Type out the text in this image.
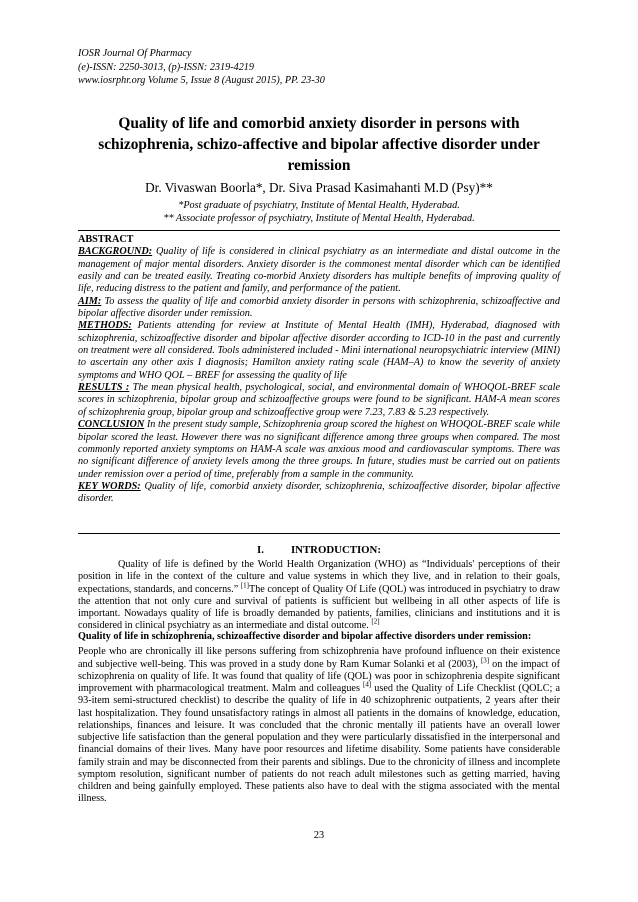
IOSR Journal Of Pharmacy
(e)-ISSN: 2250-3013, (p)-ISSN: 2319-4219
www.iosrphr.org Volume 5, Issue 8 (August 2015), PP. 23-30
Quality of life and comorbid anxiety disorder in persons with schizophrenia, schizo-affective and bipolar affective disorder under remission
Dr. Vivaswan Boorla*, Dr. Siva Prasad Kasimahanti M.D (Psy)**
*Post graduate of psychiatry, Institute of Mental Health, Hyderabad.
** Associate professor of psychiatry, Institute of Mental Health, Hyderabad.
ABSTRACT

BACKGROUND: Quality of life is considered in clinical psychiatry as an intermediate and distal outcome in the management of major mental disorders. Anxiety disorder is the commonest mental disorder which can be identified easily and can be treated easily. Treating co-morbid Anxiety disorders has multiple benefits of improving quality of life, reducing distress to the patient and family, and performance of the patient.

AIM: To assess the quality of life and comorbid anxiety disorder in persons with schizophrenia, schizoaffective and bipolar affective disorder under remission.

METHODS: Patients attending for review at Institute of Mental Health (IMH), Hyderabad, diagnosed with schizophrenia, schizoaffective disorder and bipolar affective disorder according to ICD-10 in the past and currently on treatment were all considered. Tools administered included - Mini international neuropsychiatric interview (MINI) to ascertain any other axis I diagnosis; Hamilton anxiety rating scale (HAM–A) to know the severity of anxiety symptoms and WHO QOL – BREF for assessing the quality of life

RESULTS : The mean physical health, psychological, social, and environmental domain of WHOQOL-BREF scale scores in schizophrenia, bipolar group and schizoaffective groups were found to be significant. HAM-A mean scores of schizophrenia group, bipolar group and schizoaffective group were 7.23, 7.83 & 5.23 respectively.

CONCLUSION In the present study sample, Schizophrenia group scored the highest on WHOQOL-BREF scale while bipolar scored the least. However there was no significant difference among three groups when compared. The most commonly reported anxiety symptoms on HAM-A scale was anxious mood and cardiovascular symptoms. There was no significant difference of anxiety levels among the three groups. In future, studies must be carried out on patients under remission over a period of time, preferably from a sample in the community.

KEY WORDS: Quality of life, comorbid anxiety disorder, schizophrenia, schizoaffective disorder, bipolar affective disorder.

I.	INTRODUCTION:

Quality of life is defined by the World Health Organization (WHO) as “Individuals' perceptions of their position in life in the context of the culture and value systems in which they live, and in relation to their goals, expectations, standards, and concerns.” [1]The concept of Quality Of Life (QOL) was introduced in psychiatry to draw the attention that not only cure and survival of patients is sufficient but wellbeing in all other aspects of life is important. Nowadays quality of life is broadly demanded by patients, families, clinicians and institutions and it is considered in clinical psychiatry as an intermediate and distal outcome. [2]

Quality of life in schizophrenia, schizoaffective disorder and bipolar affective disorders under remission:
People who are chronically ill like persons suffering from schizophrenia have profound influence on their existence and subjective well-being. This was proved in a study done by Ram Kumar Solanki et al (2003), [3] on the impact of schizophrenia on quality of life. It was found that quality of life (QOL) was poor in schizophrenia despite significant improvement with pharmacological treatment. Malm and colleagues [4] used the Quality of Life Checklist (QOLC; a 93-item semi-structured checklist) to describe the quality of life in 40 schizophrenic outpatients, 2 years after their last hospitalization. They found unsatisfactory ratings in almost all patients in the domains of knowledge, education, relationships, finances and leisure. It was concluded that the chronic mentally ill patients have an overall lower subjective life satisfaction than the general population and they were particularly dissatisfied in the interpersonal and financial domains of their lives. Many have poor resources and lifetime disability. Some patients have considerable family strain and may be disconnected from their parents and siblings. Due to the chronicity of illness and incomplete symptom resolution, significant number of patients do not reach adult milestones such as getting married, having children and being gainfully employed. These patients also have to deal with the stigma associated with the mental illness.

23
